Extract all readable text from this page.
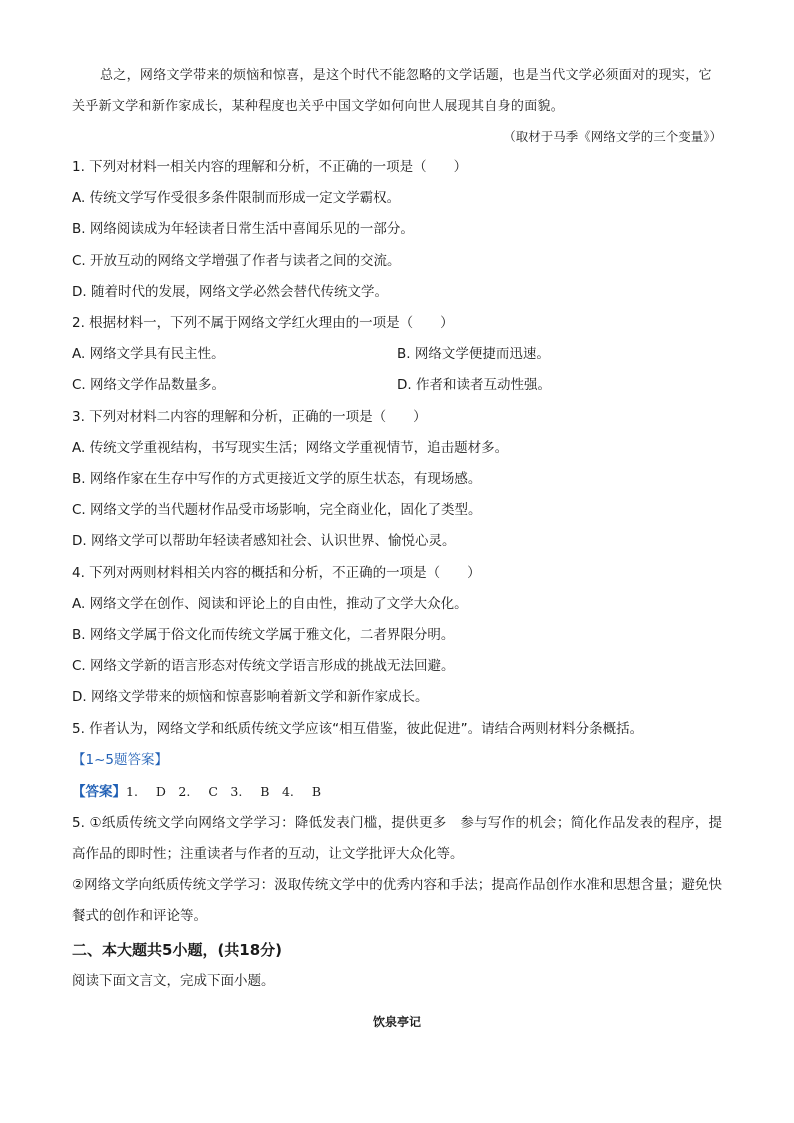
总之，网络文学带来的烦恼和惊喜，是这个时代不能忽略的文学话题，也是当代文学必须面对的现实，它关乎新文学和新作家成长，某种程度也关乎中国文学如何向世人展现其自身的面貌。

（取材于马季《网络文学的三个变量》）

1. 下列对材料一相关内容的理解和分析，不正确的一项是（　　）

A. 传统文学写作受很多条件限制而形成一定文学霸权。

B. 网络阅读成为年轻读者日常生活中喜闻乐见的一部分。

C. 开放互动的网络文学增强了作者与读者之间的交流。

D. 随着时代的发展，网络文学必然会替代传统文学。

2. 根据材料一，下列不属于网络文学红火理由的一项是（　　）

A. 网络文学具有民主性。	B. 网络文学便捷而迅速。

C. 网络文学作品数量多。	D. 作者和读者互动性强。

3. 下列对材料二内容的理解和分析，正确的一项是（　　）

A. 传统文学重视结构，书写现实生活；网络文学重视情节，追击题材多。

B. 网络作家在生存中写作的方式更接近文学的原生状态，有现场感。

C. 网络文学的当代题材作品受市场影响，完全商业化，固化了类型。

D. 网络文学可以帮助年轻读者感知社会、认识世界、愉悦心灵。

4. 下列对两则材料相关内容的概括和分析，不正确的一项是（　　）

A. 网络文学在创作、阅读和评论上的自由性，推动了文学大众化。

B. 网络文学属于俗文化而传统文学属于雅文化，二者界限分明。

C. 网络文学新的语言形态对传统文学语言形成的挑战无法回避。

D. 网络文学带来的烦恼和惊喜影响着新文学和新作家成长。

5. 作者认为，网络文学和纸质传统文学应该“相互借鉴，彼此促进”。请结合两则材料分条概括。

【1~5题答案】

【答案】1. D　2. C　3. B　4. B

5. ①纸质传统文学向网络文学学习：降低发表门槛，提供更多　参与写作的机会；简化作品发表的程序，提高作品的即时性；注重读者与作者的互动，让文学批评大众化等。

②网络文学向纸质传统文学学习：汲取传统文学中的优秀内容和手法；提高作品创作水准和思想含量；避免快餐式的创作和评论等。

二、本大题共5小题，(共18分)

阅读下面文言文，完成下面小题。

饮泉亭记
